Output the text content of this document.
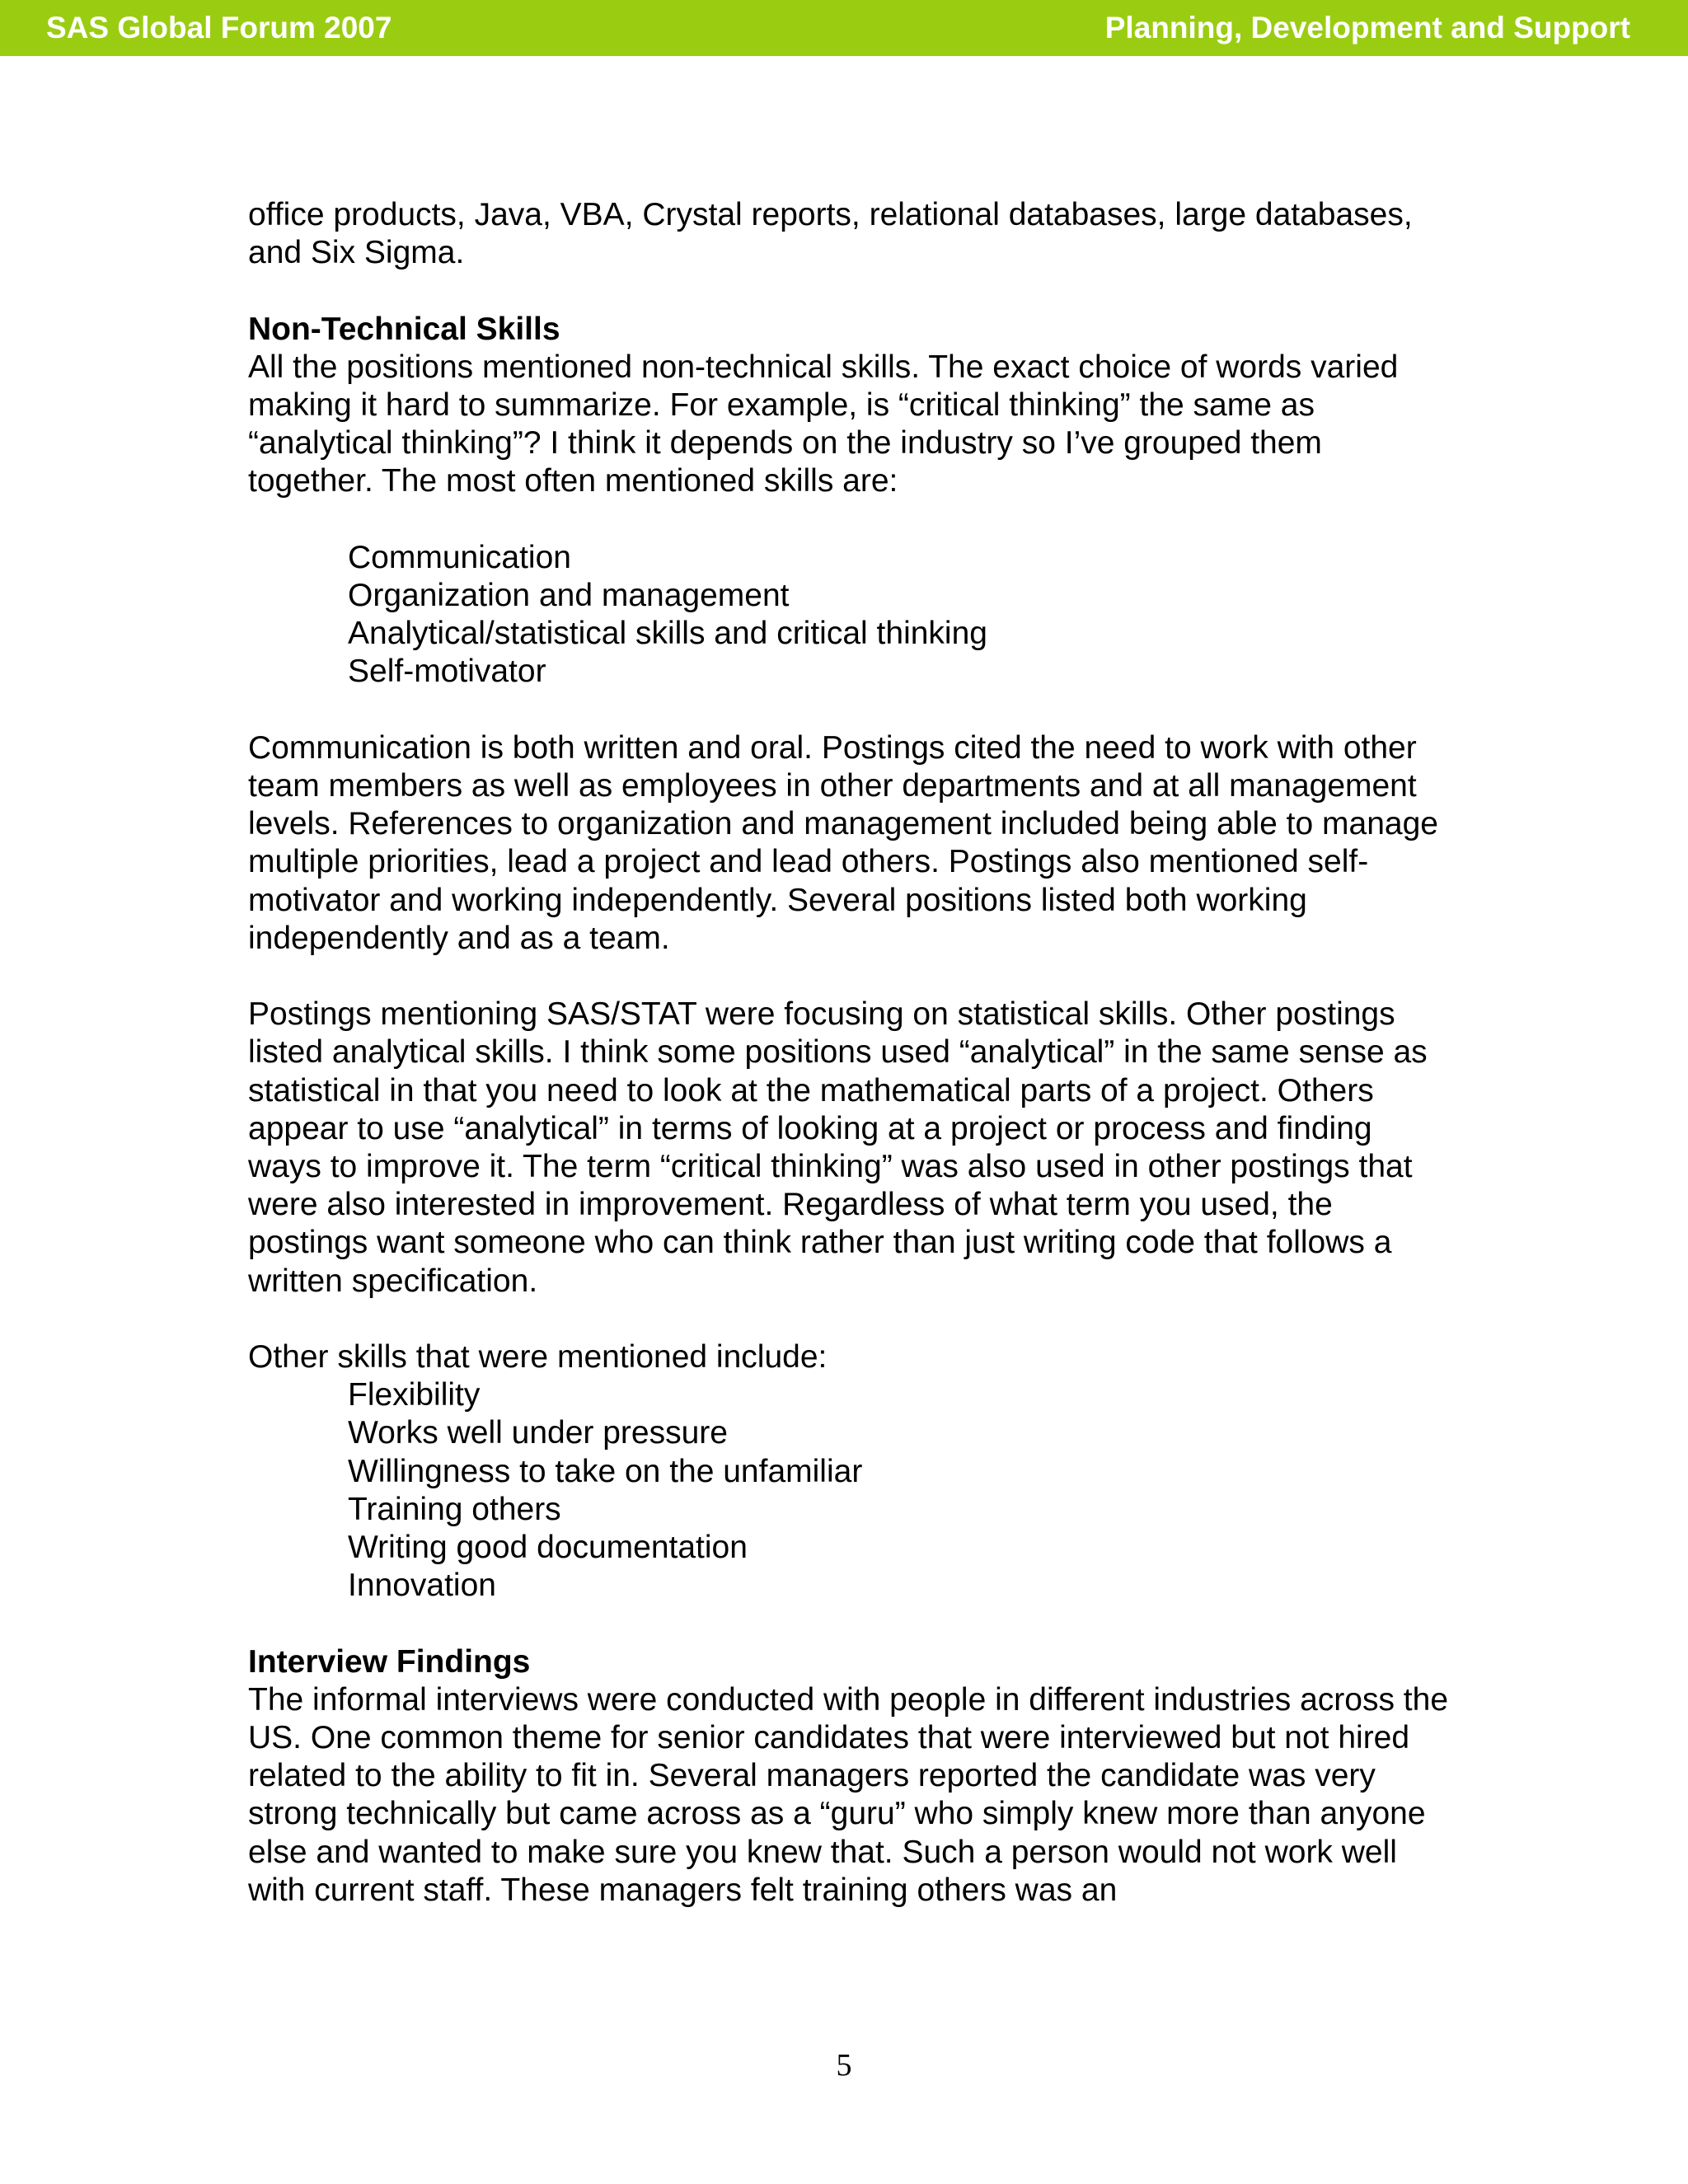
SAS Global Forum 2007	Planning, Development and Support

office products, Java, VBA, Crystal reports, relational databases, large databases, and Six Sigma.

Non-Technical Skills

All the positions mentioned non-technical skills. The exact choice of words varied making it hard to summarize. For example, is “critical thinking” the same as “analytical thinking”? I think it depends on the industry so I’ve grouped them together. The most often mentioned skills are:

Communication
Organization and management
Analytical/statistical skills and critical thinking
Self-motivator

Communication is both written and oral. Postings cited the need to work with other team members as well as employees in other departments and at all management levels. References to organization and management included being able to manage multiple priorities, lead a project and lead others. Postings also mentioned self-motivator and working independently. Several positions listed both working independently and as a team.

Postings mentioning SAS/STAT were focusing on statistical skills. Other postings listed analytical skills. I think some positions used “analytical” in the same sense as statistical in that you need to look at the mathematical parts of a project. Others appear to use “analytical” in terms of looking at a project or process and finding ways to improve it. The term “critical thinking” was also used in other postings that were also interested in improvement. Regardless of what term you used, the postings want someone who can think rather than just writing code that follows a written specification.

Other skills that were mentioned include:

Flexibility
Works well under pressure
Willingness to take on the unfamiliar
Training others
Writing good documentation
Innovation

Interview Findings

The informal interviews were conducted with people in different industries across the US. One common theme for senior candidates that were interviewed but not hired related to the ability to fit in. Several managers reported the candidate was very strong technically but came across as a “guru” who simply knew more than anyone else and wanted to make sure you knew that. Such a person would not work well with current staff. These managers felt training others was an

5
